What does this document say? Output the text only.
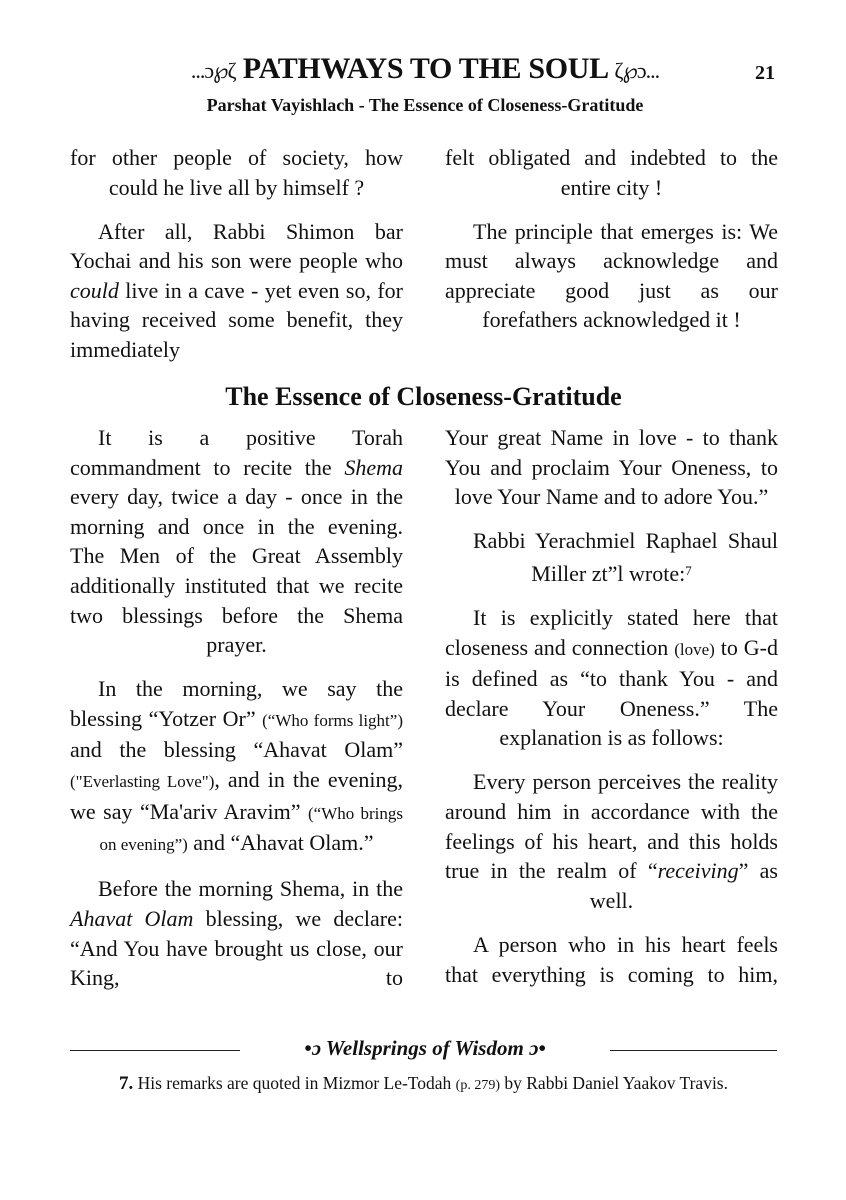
...ɔ℘ζ PATHWAYS TO THE SOUL ζ℘ɔ...	21
Parshat Vayishlach - The Essence of Closeness-Gratitude

for other people of society, how could he live all by himself ?

After all, Rabbi Shimon bar Yochai and his son were people who could live in a cave - yet even so, for having received some benefit, they immediately

felt obligated and indebted to the entire city !

The principle that emerges is: We must always acknowledge and appreciate good just as our forefathers acknowledged it !

The Essence of Closeness-Gratitude

It is a positive Torah commandment to recite the Shema every day, twice a day - once in the morning and once in the evening. The Men of the Great Assembly additionally instituted that we recite two blessings before the Shema prayer.

In the morning, we say the blessing “Yotzer Or” (“Who forms light”) and the blessing “Ahavat Olam” ("Everlasting Love"), and in the evening, we say “Ma'ariv Aravim” (“Who brings on evening”) and “Ahavat Olam.”

Before the morning Shema, in the Ahavat Olam blessing, we declare: “And You have brought us close, our King, to

Your great Name in love - to thank You and proclaim Your Oneness, to love Your Name and to adore You.”

Rabbi Yerachmiel Raphael Shaul Miller zt”l wrote:$^7$

It is explicitly stated here that closeness and connection (love) to G-d is defined as “to thank You - and declare Your Oneness.” The explanation is as follows:

Every person perceives the reality around him in accordance with the feelings of his heart, and this holds true in the realm of “receiving” as well.

A person who in his heart feels that everything is coming to him,

•ɔ Wellsprings of Wisdom ɔ•
7. His remarks are quoted in Mizmor Le-Todah (p. 279) by Rabbi Daniel Yaakov Travis.
